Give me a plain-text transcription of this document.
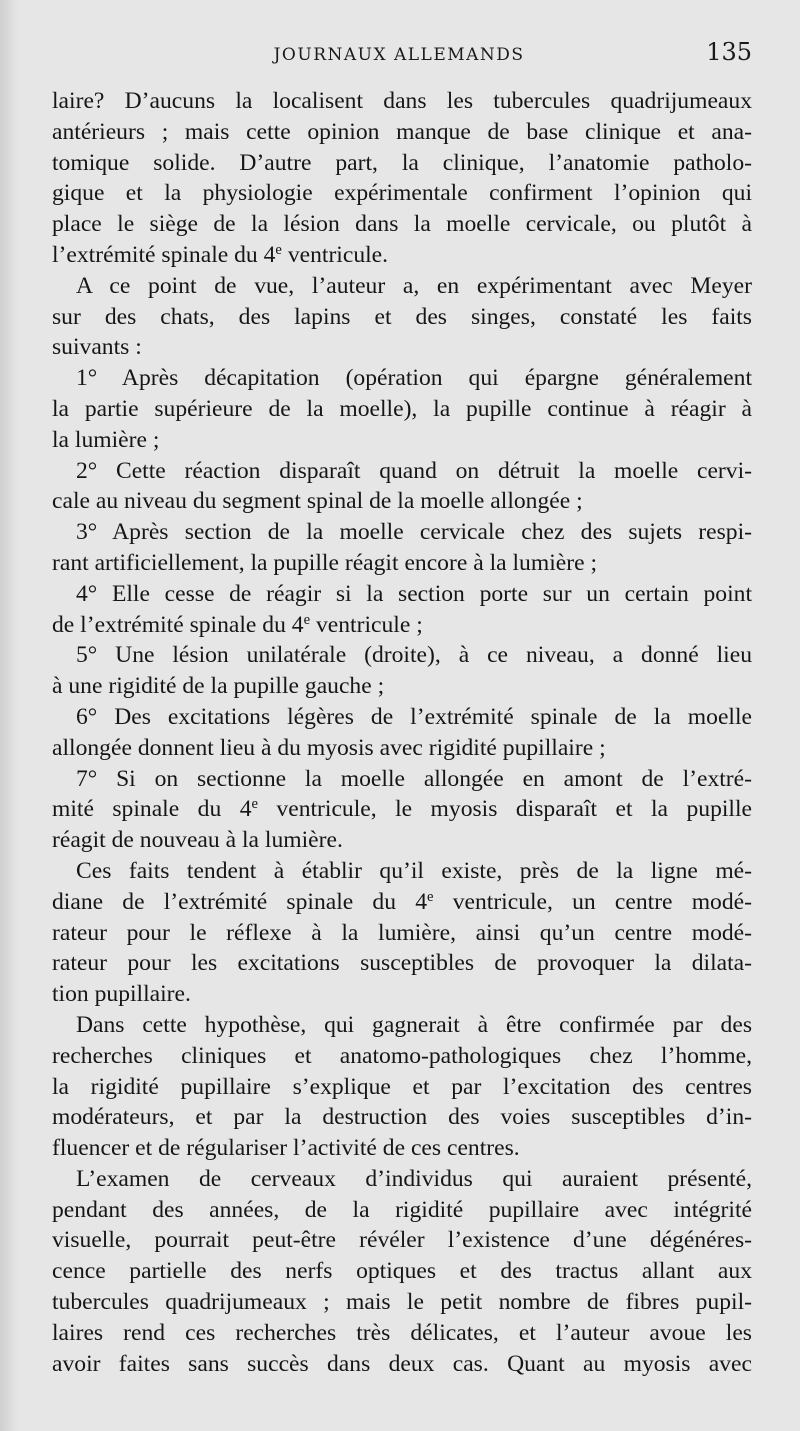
JOURNAUX ALLEMANDS	135

laire? D’aucuns la localisent dans les tubercules quadrijumeaux
antérieurs ; mais cette opinion manque de base clinique et ana-
tomique solide. D’autre part, la clinique, l’anatomie patholo-
gique et la physiologie expérimentale confirment l’opinion qui
place le siège de la lésion dans la moelle cervicale, ou plutôt à
l’extrémité spinale du 4e ventricule.

A ce point de vue, l’auteur a, en expérimentant avec Meyer
sur des chats, des lapins et des singes, constaté les faits
suivants :

1° Après décapitation (opération qui épargne généralement
la partie supérieure de la moelle), la pupille continue à réagir à
la lumière ;

2° Cette réaction disparaît quand on détruit la moelle cervi-
cale au niveau du segment spinal de la moelle allongée ;

3° Après section de la moelle cervicale chez des sujets respi-
rant artificiellement, la pupille réagit encore à la lumière ;

4° Elle cesse de réagir si la section porte sur un certain point
de l’extrémité spinale du 4e ventricule ;

5° Une lésion unilatérale (droite), à ce niveau, a donné lieu
à une rigidité de la pupille gauche ;

6° Des excitations légères de l’extrémité spinale de la moelle
allongée donnent lieu à du myosis avec rigidité pupillaire ;

7° Si on sectionne la moelle allongée en amont de l’extré-
mité spinale du 4e ventricule, le myosis disparaît et la pupille
réagit de nouveau à la lumière.

Ces faits tendent à établir qu’il existe, près de la ligne mé-
diane de l’extrémité spinale du 4e ventricule, un centre modé-
rateur pour le réflexe à la lumière, ainsi qu’un centre modé-
rateur pour les excitations susceptibles de provoquer la dilata-
tion pupillaire.

Dans cette hypothèse, qui gagnerait à être confirmée par des
recherches cliniques et anatomo-pathologiques chez l’homme,
la rigidité pupillaire s’explique et par l’excitation des centres
modérateurs, et par la destruction des voies susceptibles d’in-
fluencer et de régulariser l’activité de ces centres.

L’examen de cerveaux d’individus qui auraient présenté,
pendant des années, de la rigidité pupillaire avec intégrité
visuelle, pourrait peut-être révéler l’existence d’une dégénéres-
cence partielle des nerfs optiques et des tractus allant aux
tubercules quadrijumeaux ; mais le petit nombre de fibres pupil-
laires rend ces recherches très délicates, et l’auteur avoue les
avoir faites sans succès dans deux cas. Quant au myosis avec
